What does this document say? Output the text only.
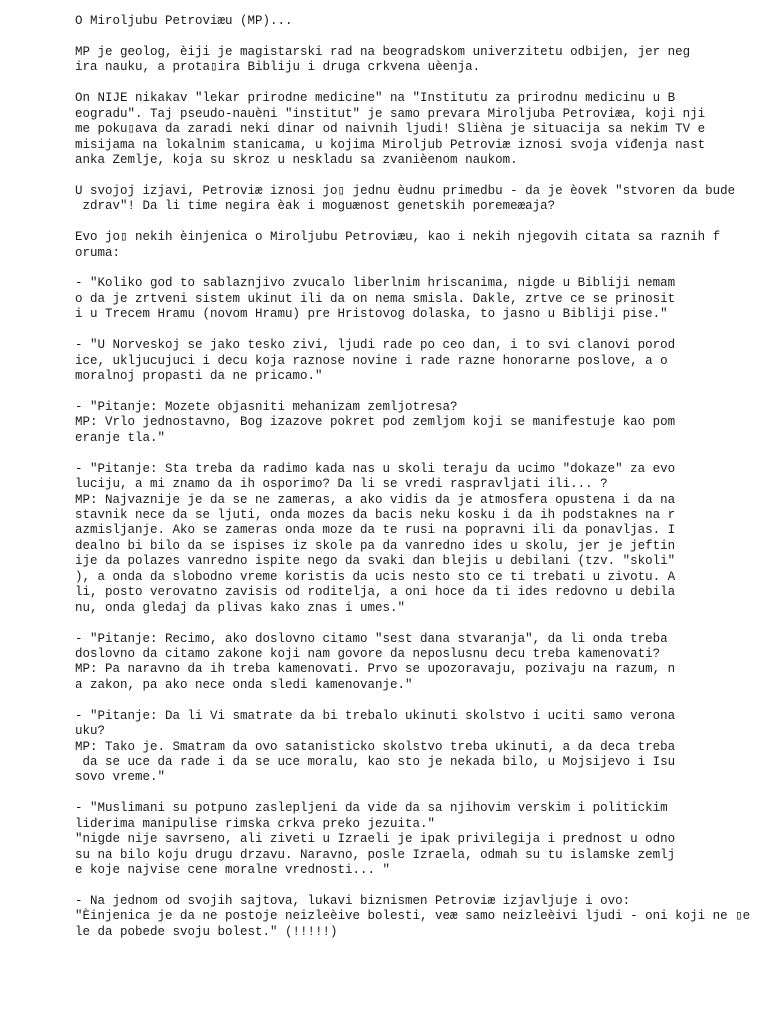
O Miroljubu Petroviæu (MP)...
MP je geolog, èiji je magistarski rad na beogradskom univerzitetu odbijen, jer neg
ira nauku, a prota▯ira Bibliju i druga crkvena uèenja.
On NIJE nikakav "lekar prirodne medicine" na "Institutu za prirodnu medicinu u B
eogradu". Taj pseudo-nauèni "institut" je samo prevara Miroljuba Petroviæa, koji nji
me poku▯ava da zaradi neki dinar od naivnih ljudi! Slièna je situacija sa nekim TV e
misijama na lokalnim stanicama, u kojima Miroljub Petroviæ iznosi svoja viđenja nast
anka Zemlje, koja su skroz u neskladu sa zvanièenom naukom.
U svojoj izjavi, Petroviæ iznosi jo▯ jednu èudnu primedbu - da je èovek "stvoren da bude
zdrav"! Da li time negira èak i moguænost genetskih poremeæaja?
Evo jo▯ nekih èinjenica o Miroljubu Petroviæu, kao i nekih njegovih citata sa raznih f
oruma:
- "Koliko god to sablaznjivo zvucalo liberlnim hriscanima, nigde u Bibliji nemam
o da je zrtveni sistem ukinut ili da on nema smisla. Dakle, zrtve ce se prinosit
i u Trecem Hramu (novom Hramu) pre Hristovog dolaska, to jasno u Bibliji pise."
- "U Norveskoj se jako tesko zivi, ljudi rade po ceo dan, i to svi clanovi porod
ice, ukljucujuci i decu koja raznose novine i rade razne honorarne poslove, a o
moralnoj propasti da ne pricamo."
- "Pitanje: Mozete objasniti mehanizam zemljotresa?
MP: Vrlo jednostavno, Bog izazove pokret pod zemljom koji se manifestuje kao pom
eranje tla."
- "Pitanje: Sta treba da radimo kada nas u skoli teraju da ucimo "dokaze" za evo
luciju, a mi znamo da ih osporimo? Da li se vredi raspravljati ili... ?
MP: Najvaznije je da se ne zameras, a ako vidis da je atmosfera opustena i da na
stavnik nece da se ljuti, onda mozes da bacis neku kosku i da ih podstaknes na r
azmisljanje. Ako se zameras onda moze da te rusi na popravni ili da ponavljas. I
dealno bi bilo da se ispises iz skole pa da vanredno ides u skolu, jer je jeftin
ije da polazes vanredno ispite nego da svaki dan blejis u debilani (tzv. "skoli"
), a onda da slobodno vreme koristis da ucis nesto sto ce ti trebati u zivotu. A
li, posto verovatno zavisis od roditelja, a oni hoce da ti ides redovno u debila
nu, onda gledaj da plivas kako znas i umes."
- "Pitanje: Recimo, ako doslovno citamo "sest dana stvaranja", da li onda treba
doslovno da citamo zakone koji nam govore da neposlusnu decu treba kamenovati?
MP: Pa naravno da ih treba kamenovati. Prvo se upozoravaju, pozivaju na razum, n
a zakon, pa ako nece onda sledi kamenovanje."
- "Pitanje: Da li Vi smatrate da bi trebalo ukinuti skolstvo i uciti samo verona
uku?
MP: Tako je. Smatram da ovo satanisticko skolstvo treba ukinuti, a da deca treba
da se uce da rade i da se uce moralu, kao sto je nekada bilo, u Mojsijevo i Isu
sovo vreme."
- "Muslimani su potpuno zaslepljeni da vide da sa njihovim verskim i politickim
liderima manipulise rimska crkva preko jezuita."
"nigde nije savrseno, ali ziveti u Izraeli je ipak privilegija i prednost u odno
su na bilo koju drugu drzavu. Naravno, posle Izraela, odmah su tu islamske zemlj
e koje najvise cene moralne vrednosti... "
- Na jednom od svojih sajtova, lukavi biznismen Petroviæ izjavljuje i ovo:
"Èinjenica je da ne postoje neizleèive bolesti, veæ samo neizleèivi ljudi - oni koji ne ▯e
le da pobede svoju bolest." (!!!!!)
